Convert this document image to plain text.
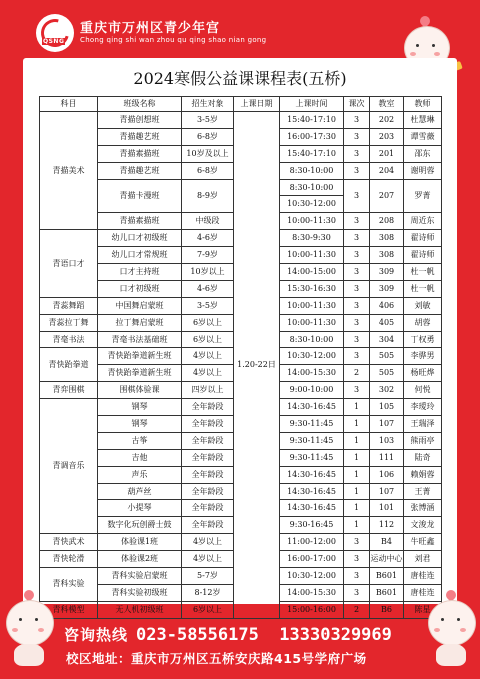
QSNG
重庆市万州区青少年宫
Chong qing shi wan zhou qu qing shao nian gong
2024寒假公益课课程表(五桥)
科目	班级名称	招生对象	上课日期	上课时间	课次	教室	教师
青描美术	青描创想班	3-5岁	1.20-22日	15:40-17:10	3	202	杜慧琳
	青描趣艺班	6-8岁		16:00-17:30	3	203	谭雪薇
	青描素描班	10岁及以上		15:40-17:10	3	201	邵东
	青描趣艺班	6-8岁		8:30-10:00	3	204	谢明蓉
	青描卡漫班	8-9岁		8:30-10:00	3	207	罗菁
				10:30-12:00			
	青描素描班	中级段		10:00-11:30	3	208	周近东
青语口才	幼儿口才初级班	4-6岁		8:30-9:30	3	308	翟诗师
	幼儿口才常规班	7-9岁		10:00-11:30	3	308	翟诗师
	口才主持班	10岁以上		14:00-15:00	3	309	杜一帆
	口才初级班	4-6岁		15:30-16:30	3	309	杜一帆
青蕊舞蹈	中国舞启蒙班	3-5岁		10:00-11:30	3	406	刘敏
青蕊拉丁舞	拉丁舞启蒙班	6岁以上		10:00-11:30	3	405	胡蓉
青毫书法	青毫书法基础班	6岁以上		8:30-10:00	3	304	丁权勇
青快跆拳道	青快跆拳道新生班	4岁以上		10:30-12:00	3	505	李骅男
	青快跆拳道新生班	4岁以上		14:00-15:30	2	505	杨旺烨
青弈围棋	围棋体验课	四岁以上		9:00-10:00	3	302	何悦
青调音乐	钢琴	全年龄段		14:30-16:45	1	105	李瑷玲
	钢琴	全年龄段		9:30-11:45	1	107	王瑞泽
	古筝	全年龄段		9:30-11:45	1	103	熊雨亭
	吉他	全年龄段		9:30-11:45	1	111	陆奇
	声乐	全年龄段		14:30-16:45	1	106	赖娟蓉
	葫芦丝	全年龄段		14:30-16:45	1	107	王菁
	小提琴	全年龄段		14:30-16:45	1	101	张博涵
	数字化玩创爵士鼓	全年龄段		9:30-16:45	1	112	文浚龙
青快武术	体验课1班	4岁以上		11:00-12:00	3	B4	牛旺鑫
青快轮滑	体验课2班	4岁以上		16:00-17:00	3	运动中心	刘君
青科实验	青科实验启蒙班	5-7岁		10:30-12:00	3	B601	唐桂连
	青科实验初级班	8-12岁		14:00-15:30	3	B601	唐桂连
青科模型	无人机初级班	6岁以上		15:00-16:00	2	B6	陈星
咨询热线 023-58556175  13330329969
校区地址：重庆市万州区五桥安庆路415号学府广场
